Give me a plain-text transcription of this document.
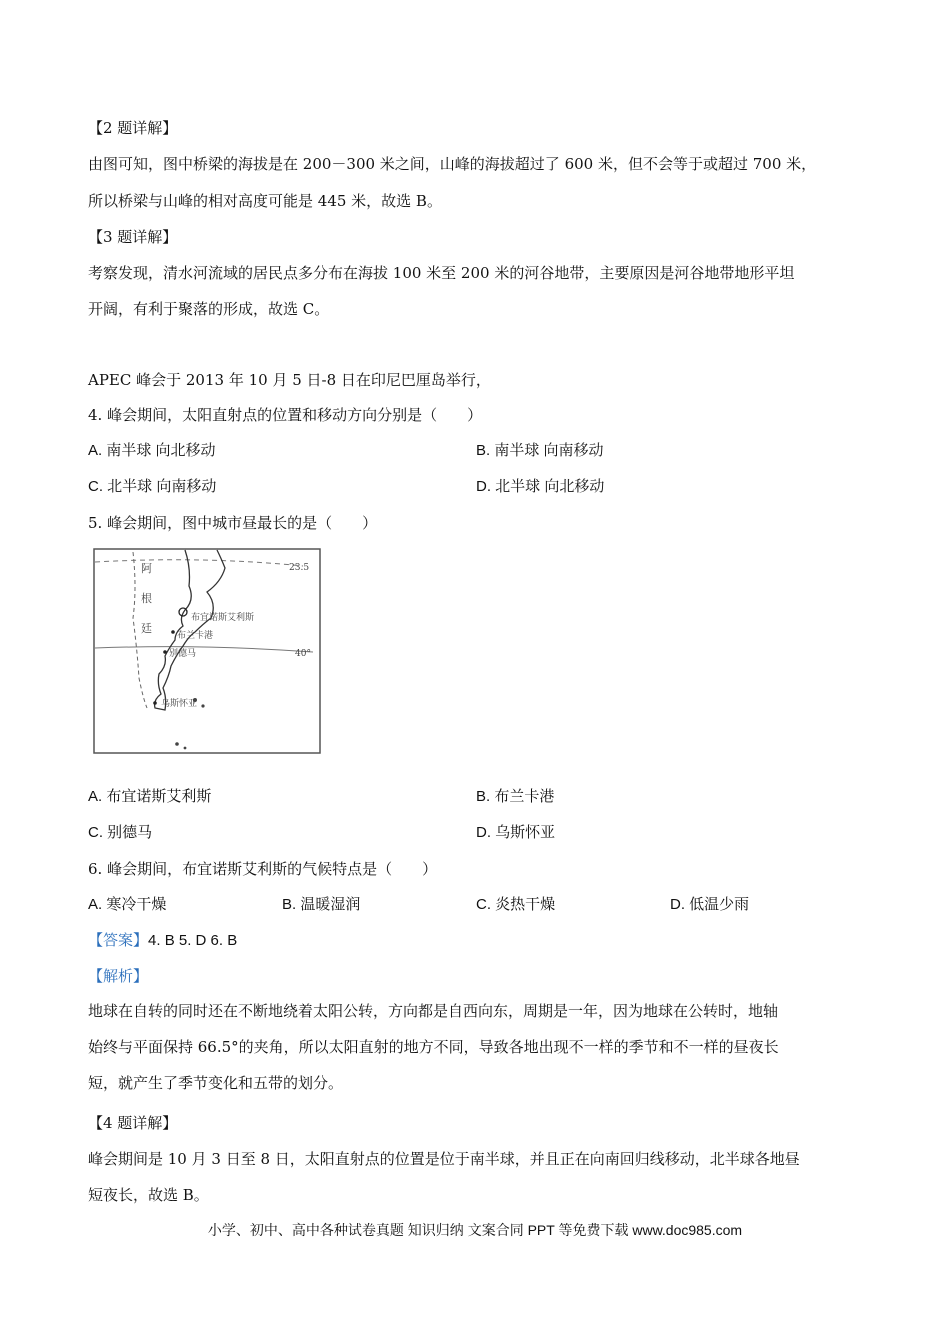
【2 题详解】
由图可知，图中桥梁的海拔是在 200－300 米之间，山峰的海拔超过了 600 米，但不会等于或超过 700 米，
所以桥梁与山峰的相对高度可能是 445 米，故选 B。
【3 题详解】
考察发现，清水河流域的居民点多分布在海拔 100 米至 200 米的河谷地带，主要原因是河谷地带地形平坦
开阔，有利于聚落的形成，故选 C。
APEC 峰会于 2013 年 10 月 5 日-8 日在印尼巴厘岛举行，
4. 峰会期间，太阳直射点的位置和移动方向分别是（　　）
A. 南半球 向北移动	B. 南半球 向南移动
C. 北半球 向南移动	D. 北半球 向北移动
5. 峰会期间，图中城市昼最长的是（　　）
23.5
40°
阿
根
廷
布宜诺斯艾利斯
布兰卡港
别德马
乌斯怀亚
A. 布宜诺斯艾利斯	B. 布兰卡港
C. 别德马	D. 乌斯怀亚
6. 峰会期间，布宜诺斯艾利斯的气候特点是（　　）
A. 寒冷干燥	B. 温暖湿润	C. 炎热干燥	D. 低温少雨
【答案】4. B 5. D 6. B
【解析】
地球在自转的同时还在不断地绕着太阳公转，方向都是自西向东，周期是一年，因为地球在公转时，地轴
始终与平面保持 66.5°的夹角，所以太阳直射的地方不同，导致各地出现不一样的季节和不一样的昼夜长
短，就产生了季节变化和五带的划分。
【4 题详解】
峰会期间是 10 月 3 日至 8 日，太阳直射点的位置是位于南半球，并且正在向南回归线移动，北半球各地昼
短夜长，故选 B。
小学、初中、高中各种试卷真题 知识归纳 文案合同 PPT 等免费下载 www.doc985.com
